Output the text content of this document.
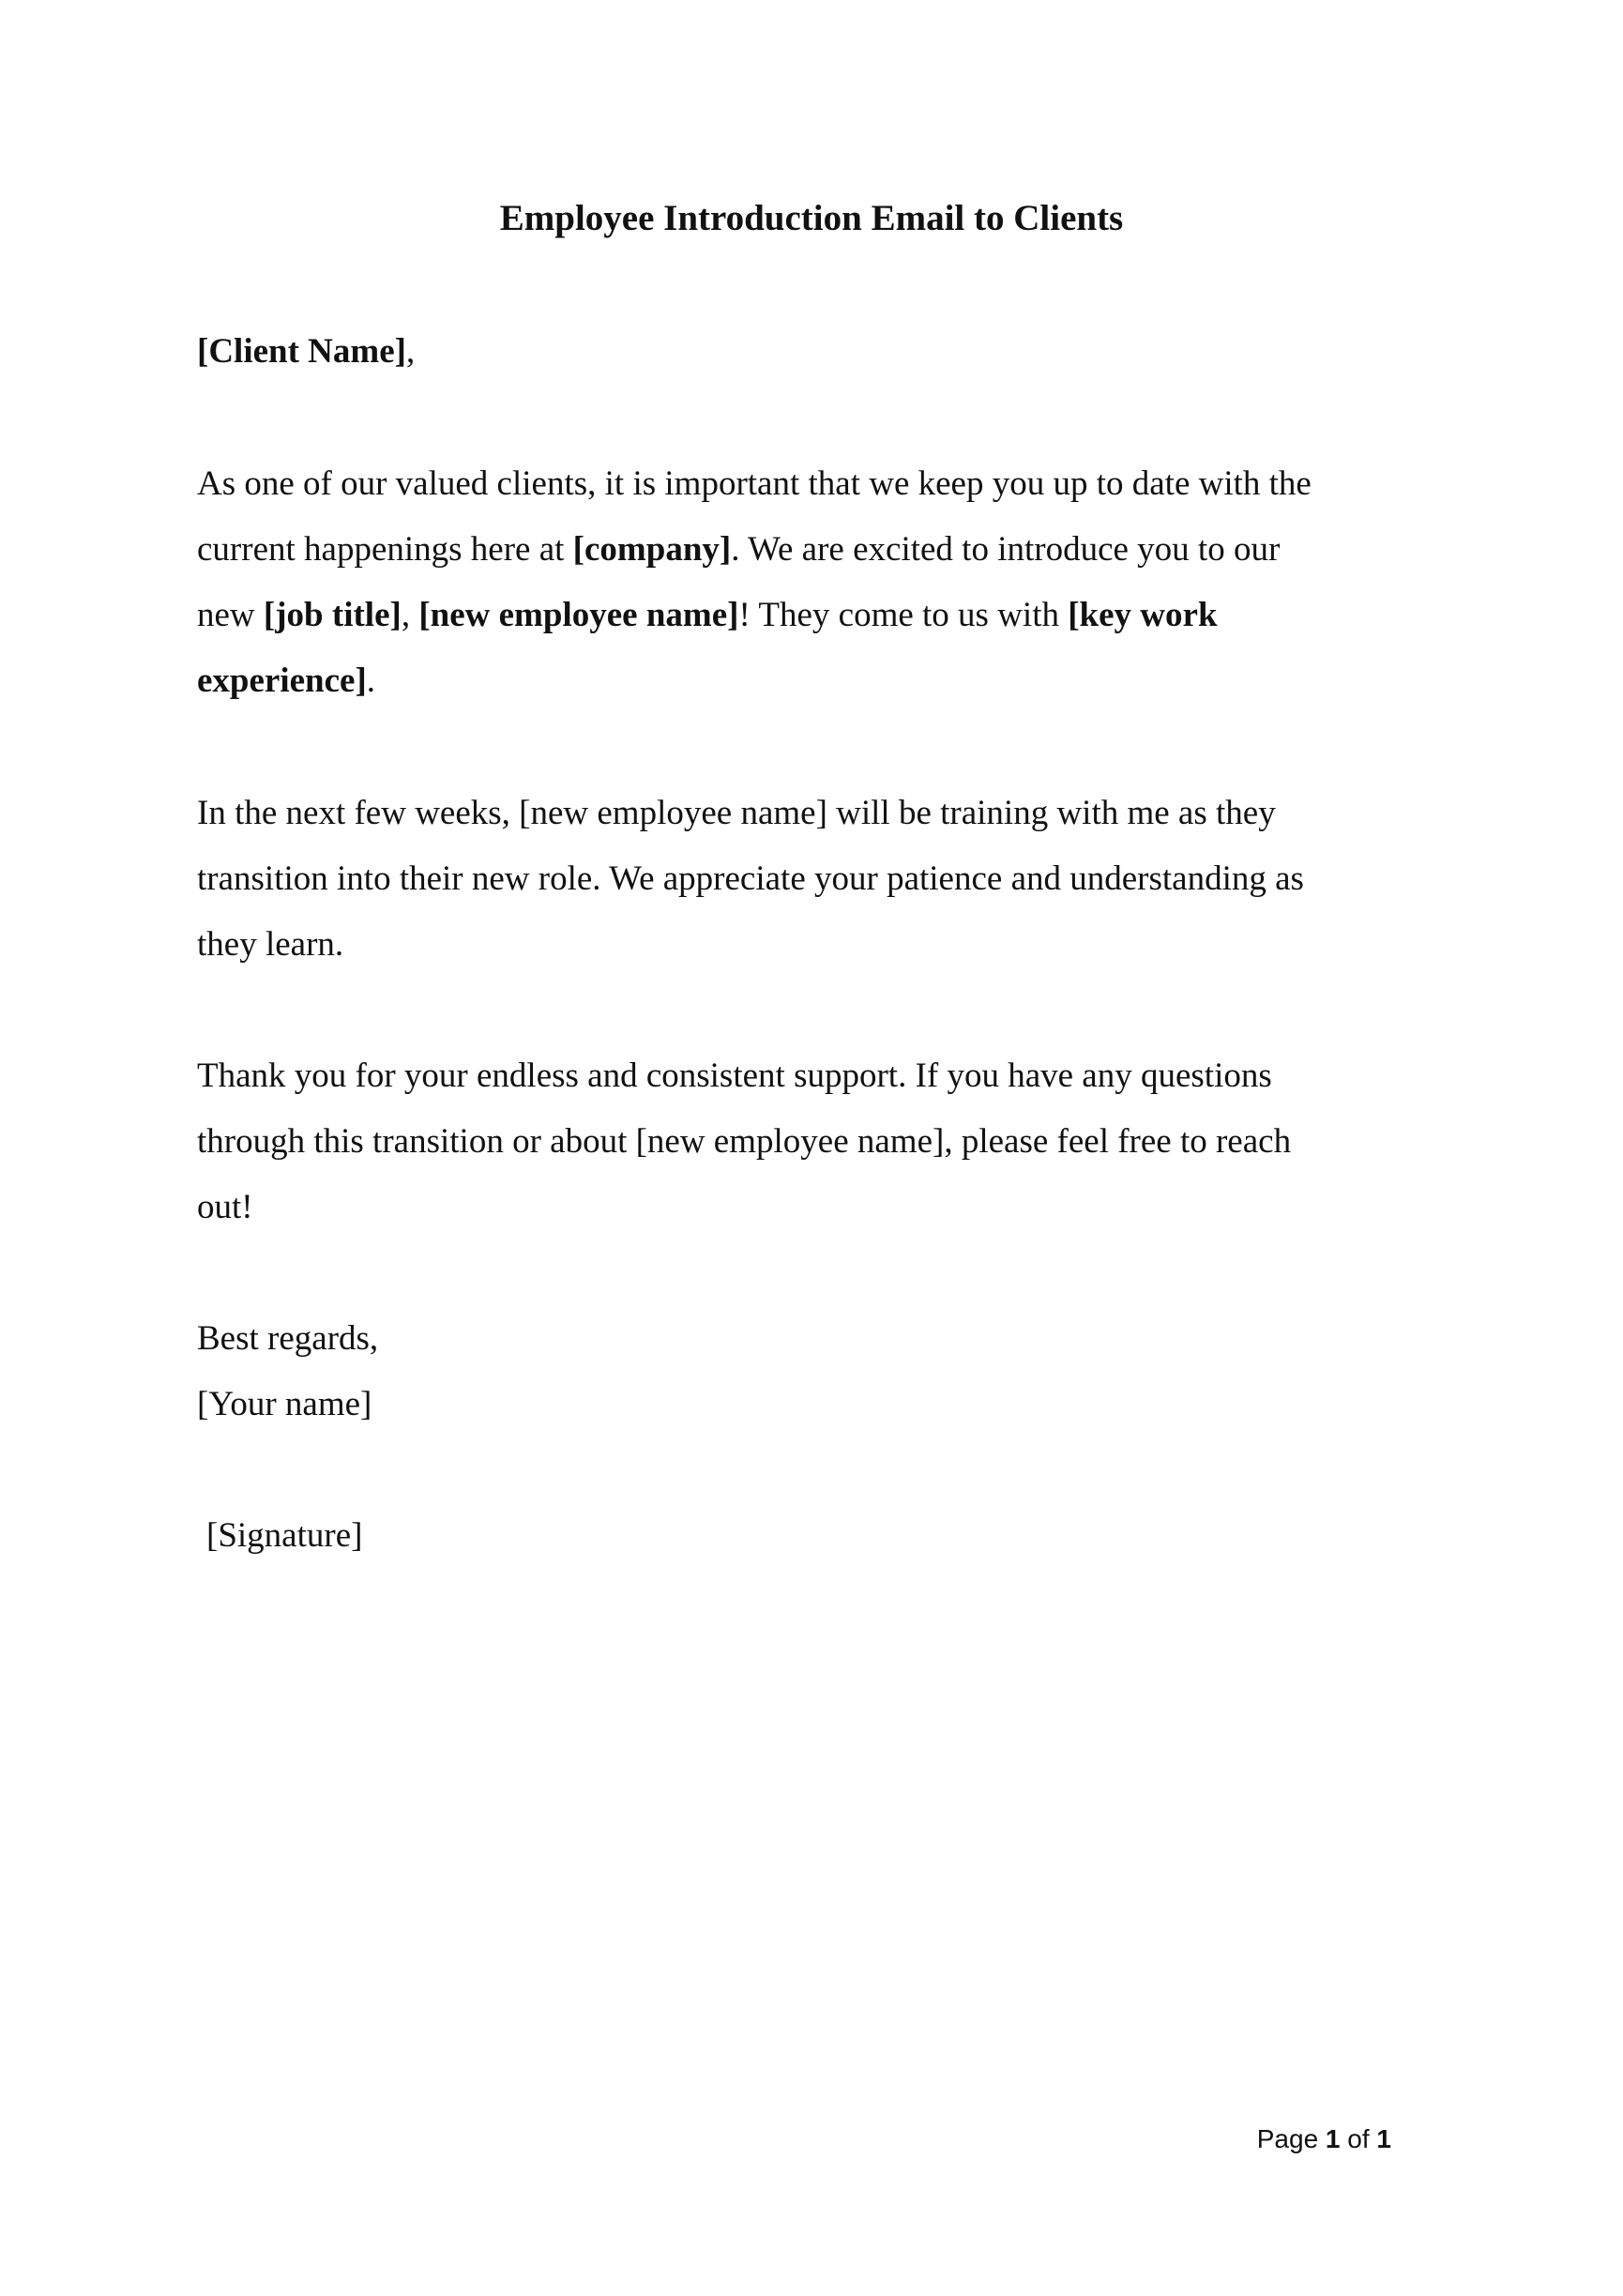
Employee Introduction Email to Clients
[Client Name],
As one of our valued clients, it is important that we keep you up to date with the
current happenings here at [company]. We are excited to introduce you to our
new [job title], [new employee name]! They come to us with [key work
experience].
In the next few weeks, [new employee name] will be training with me as they
transition into their new role. We appreciate your patience and understanding as
they learn.
Thank you for your endless and consistent support. If you have any questions
through this transition or about [new employee name], please feel free to reach
out!
Best regards,
[Your name]
[Signature]
Page 1 of 1
